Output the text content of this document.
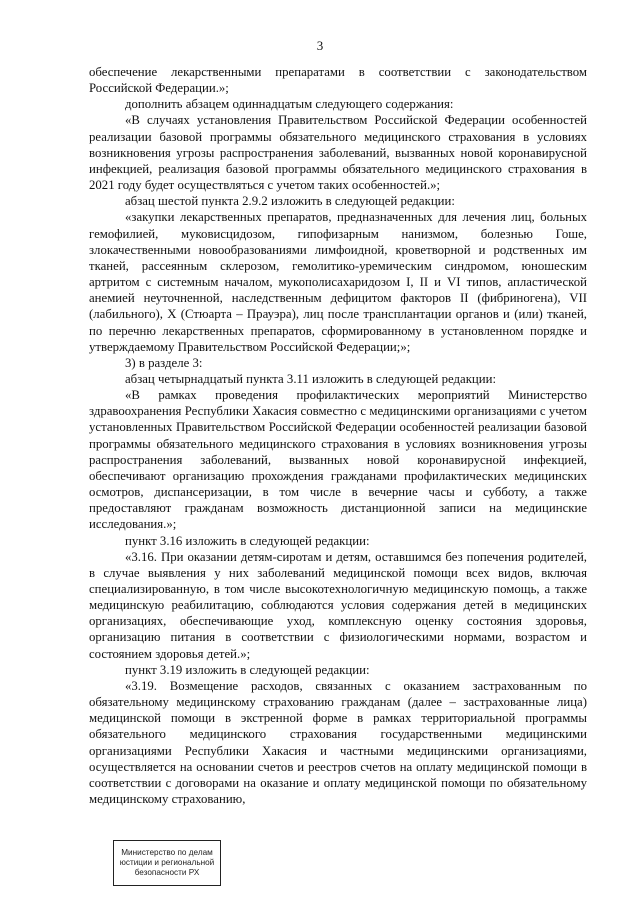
3

обеспечение лекарственными препаратами в соответствии с законодательством Российской Федерации.»;

дополнить абзацем одиннадцатым следующего содержания:

«В случаях установления Правительством Российской Федерации особенностей реализации базовой программы обязательного медицинского страхования в условиях возникновения угрозы распространения заболеваний, вызванных новой коронавирусной инфекцией, реализация базовой программы обязательного медицинского страхования в 2021 году будет осуществляться с учетом таких особенностей.»;

абзац шестой пункта 2.9.2 изложить в следующей редакции:

«закупки лекарственных препаратов, предназначенных для лечения лиц, больных гемофилией, муковисцидозом, гипофизарным нанизмом, болезнью Гоше, злокачественными новообразованиями лимфоидной, кроветворной и родственных им тканей, рассеянным склерозом, гемолитико-уремическим синдромом, юношеским артритом с системным началом, мукополисахаридозом I, II и VI типов, апластической анемией неуточненной, наследственным дефицитом факторов II (фибриногена), VII (лабильного), X (Стюарта – Прауэра), лиц после трансплантации органов и (или) тканей, по перечню лекарственных препаратов, сформированному в установленном порядке и утверждаемому Правительством Российской Федерации;»;

3) в разделе 3:

абзац четырнадцатый пункта 3.11 изложить в следующей редакции:

«В рамках проведения профилактических мероприятий Министерство здравоохранения Республики Хакасия совместно с медицинскими организациями с учетом установленных Правительством Российской Федерации особенностей реализации базовой программы обязательного медицинского страхования в условиях возникновения угрозы распространения заболеваний, вызванных новой коронавирусной инфекцией, обеспечивают организацию прохождения гражданами профилактических медицинских осмотров, диспансеризации, в том числе в вечерние часы и субботу, а также предоставляют гражданам возможность дистанционной записи на медицинские исследования.»;

пункт 3.16 изложить в следующей редакции:

«3.16. При оказании детям-сиротам и детям, оставшимся без попечения родителей, в случае выявления у них заболеваний медицинской помощи всех видов, включая специализированную, в том числе высокотехнологичную медицинскую помощь, а также медицинскую реабилитацию, соблюдаются условия содержания детей в медицинских организациях, обеспечивающие уход, комплексную оценку состояния здоровья, организацию питания в соответствии с физиологическими нормами, возрастом и состоянием здоровья детей.»;

пункт 3.19 изложить в следующей редакции:

«3.19. Возмещение расходов, связанных с оказанием застрахованным по обязательному медицинскому страхованию гражданам (далее – застрахованные лица) медицинской помощи в экстренной форме в рамках территориальной программы обязательного медицинского страхования государственными медицинскими организациями Республики Хакасия и частными медицинскими организациями, осуществляется на основании счетов и реестров счетов на оплату медицинской помощи в соответствии с договорами на оказание и оплату медицинской помощи по обязательному медицинскому страхованию,

Министерство по делам
юстиции и региональной
безопасности РХ
